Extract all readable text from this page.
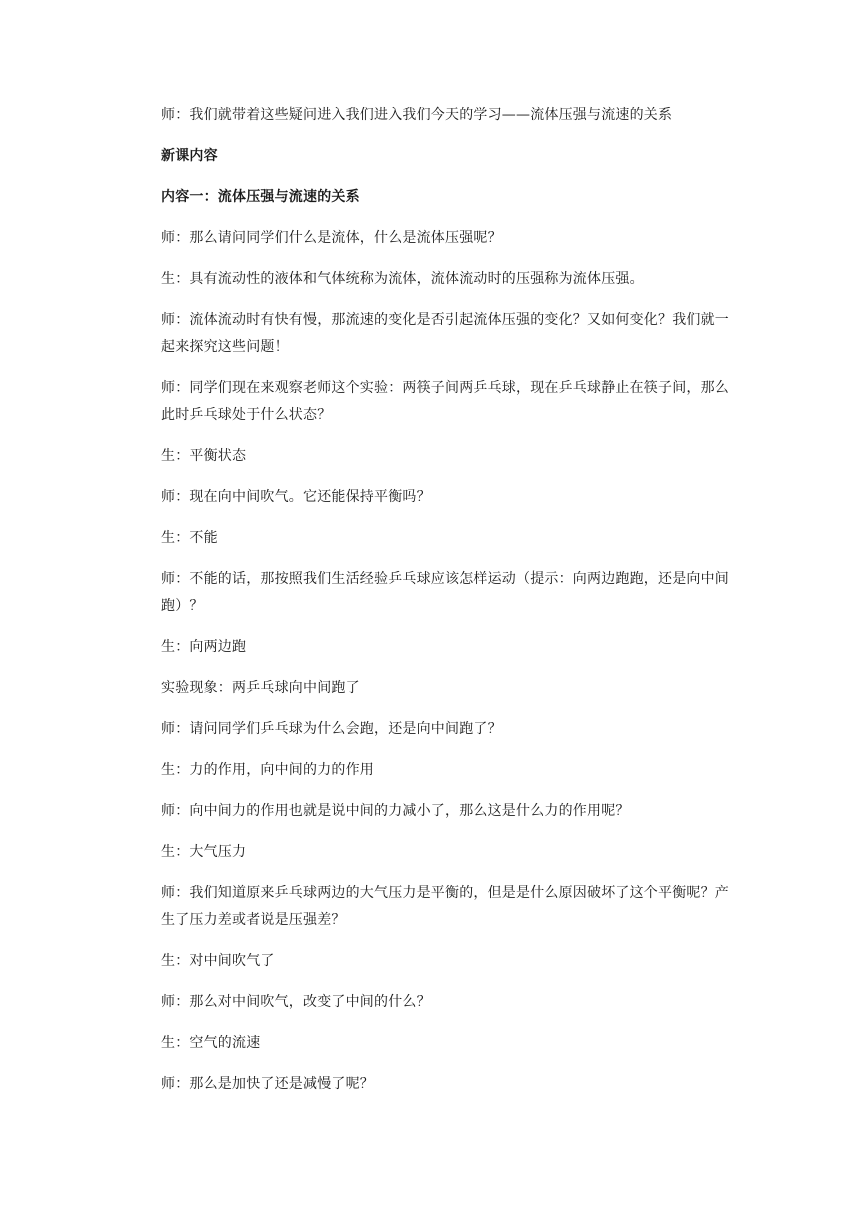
师：我们就带着这些疑问进入我们进入我们今天的学习——流体压强与流速的关系

新课内容

内容一：流体压强与流速的关系

师：那么请问同学们什么是流体，什么是流体压强呢？

生：具有流动性的液体和气体统称为流体，流体流动时的压强称为流体压强。

师：流体流动时有快有慢，那流速的变化是否引起流体压强的变化？又如何变化？我们就一起来探究这些问题！

师：同学们现在来观察老师这个实验：两筷子间两乒乓球，现在乒乓球静止在筷子间，那么此时乒乓球处于什么状态？

生：平衡状态

师：现在向中间吹气。它还能保持平衡吗？

生：不能

师：不能的话，那按照我们生活经验乒乓球应该怎样运动（提示：向两边跑跑，还是向中间跑）？

生：向两边跑

实验现象：两乒乓球向中间跑了

师：请问同学们乒乓球为什么会跑，还是向中间跑了？

生：力的作用，向中间的力的作用

师：向中间力的作用也就是说中间的力减小了，那么这是什么力的作用呢？

生：大气压力

师：我们知道原来乒乓球两边的大气压力是平衡的，但是是什么原因破坏了这个平衡呢？产生了压力差或者说是压强差？

生：对中间吹气了

师：那么对中间吹气，改变了中间的什么？

生：空气的流速

师：那么是加快了还是减慢了呢？
